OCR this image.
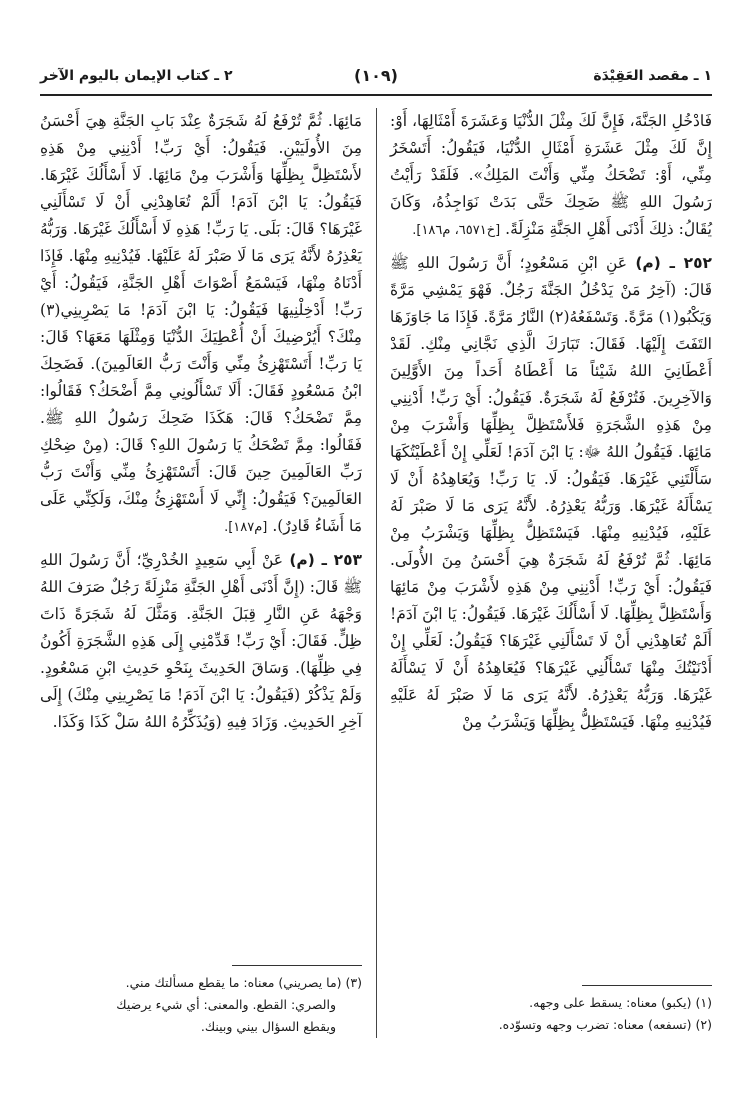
١ ـ مقصد العَقِيْدَة
(١٠٩)
٢ ـ كتاب الإيمان باليوم الآخر

فَادْخُلِ الجَنَّةَ، فَإِنَّ لَكَ مِثْلَ الدُّنْيَا وَعَشَرَةَ أَمْثَالِهَا، أَوْ: إِنَّ لَكَ مِثْلَ عَشَرَةِ أَمْثَالِ الدُّنْيَا، فَيَقُولُ: أَتَسْخَرُ مِنِّي، أَوْ: تَضْحَكُ مِنِّي وَأَنْتَ المَلِكُ». فَلَقَدْ رَأَيْتُ رَسُولَ اللهِ ﷺ ضَحِكَ حَتَّى بَدَتْ نَوَاجِذُهُ، وَكَانَ يُقَالُ: ذلِكَ أَدْنَى أَهْلِ الجَنَّةِ مَنْزِلَةً. [خ٦٥٧١، م١٨٦].

٢٥٢ ـ (م) عَنِ ابْنِ مَسْعُودٍ؛ أَنَّ رَسُولَ اللهِ ﷺ قَالَ: (آخِرُ مَنْ يَدْخُلُ الجَنَّةَ رَجُلٌ. فَهْوَ يَمْشِي مَرَّةً وَيَكْبُو(١) مَرَّةً. وَتَسْفَعُهُ(٢) النَّارُ مَرَّةً. فَإِذَا مَا جَاوَزَهَا التَفَتَ إِلَيْهَا. فَقَالَ: تَبَارَكَ الَّذِي نَجَّانِي مِنْكِ. لَقَدْ أَعْطَانِيَ اللهُ شَيْئاً مَا أَعْطَاهُ أَحَداً مِنَ الأَوَّلِينَ وَالآخِرِينَ. فَتُرْفَعُ لَهُ شَجَرَةٌ. فَيَقُولُ: أَيْ رَبِّ! أَدْنِنِي مِنْ هَذِهِ الشَّجَرَةِ فَلأَسْتَظِلَّ بِظِلِّهَا وَأَشْرَبَ مِنْ مَائِهَا. فَيَقُولُ اللهُ ﷻ: يَا ابْنَ آدَمَ! لَعَلِّي إِنْ أَعْطَيْتُكَهَا سَأَلْتَنِي غَيْرَهَا. فَيَقُولُ: لَا. يَا رَبِّ! وَيُعَاهِدُهُ أَنْ لَا يَسْأَلَهُ غَيْرَهَا. وَرَبُّهُ يَعْذِرُهُ. لأَنَّهُ يَرَى مَا لَا صَبْرَ لَهُ عَلَيْهِ، فَيُدْنِيهِ مِنْهَا. فَيَسْتَظِلُّ بِظِلِّهَا وَيَشْرَبُ مِنْ مَائِهَا. ثُمَّ تُرْفَعُ لَهُ شَجَرَةٌ هِيَ أَحْسَنُ مِنَ الأُولَى. فَيَقُولُ: أَيْ رَبِّ! أَدْنِنِي مِنْ هَذِهِ لأَشْرَبَ مِنْ مَائِهَا وَأَسْتَظِلَّ بِظِلِّهَا. لَا أَسْأَلُكَ غَيْرَهَا. فَيَقُولُ: يَا ابْنَ آدَمَ! أَلَمْ تُعَاهِدْنِي أَنْ لَا تَسْأَلَنِي غَيْرَهَا؟ فَيَقُولُ: لَعَلِّي إِنْ أَدْنَيْتُكَ مِنْهَا تَسْأَلُنِي غَيْرَهَا؟ فَيُعَاهِدُهُ أَنْ لَا يَسْأَلَهُ غَيْرَهَا. وَرَبُّهُ يَعْذِرُهُ. لأَنَّهُ يَرَى مَا لَا صَبْرَ لَهُ عَلَيْهِ فَيُدْنِيهِ مِنْهَا. فَيَسْتَظِلُّ بِظِلِّهَا وَيَشْرَبُ مِنْ

مَائِهَا. ثُمَّ تُرْفَعُ لَهُ شَجَرَةٌ عِنْدَ بَابِ الجَنَّةِ هِيَ أَحْسَنُ مِنَ الأُولَيَيْنِ. فَيَقُولُ: أَيْ رَبِّ! أَدْنِنِي مِنْ هَذِهِ لأَسْتَظِلَّ بِظِلِّهَا وَأَشْرَبَ مِنْ مَائِهَا. لَا أَسْأَلُكَ غَيْرَهَا. فَيَقُولُ: يَا ابْنَ آدَمَ! أَلَمْ تُعَاهِدْنِي أَنْ لَا تَسْأَلَنِي غَيْرَهَا؟ قَالَ: بَلَى. يَا رَبِّ! هَذِهِ لَا أَسْأَلُكَ غَيْرَهَا. وَرَبُّهُ يَعْذِرُهُ لأَنَّهُ يَرَى مَا لَا صَبْرَ لَهُ عَلَيْهَا. فَيُدْنِيهِ مِنْهَا. فَإِذَا أَدْنَاهُ مِنْهَا، فَيَسْمَعُ أَصْوَاتَ أَهْلِ الجَنَّةِ، فَيَقُولُ: أَيْ رَبِّ! أَدْخِلْنِيهَا فَيَقُولُ: يَا ابْنَ آدَمَ! مَا يَصْرِينِي(٣) مِنْكَ؟ أَيُرْضِيكَ أَنْ أُعْطِيَكَ الدُّنْيَا وَمِثْلَهَا مَعَهَا؟ قَالَ: يَا رَبِّ! أَتَسْتَهْزِئُ مِنِّي وَأَنْتَ رَبُّ العَالَمِينَ). فَضَحِكَ ابْنُ مَسْعُودٍ فَقَالَ: أَلَا تَسْأَلُونِي مِمَّ أَضْحَكُ؟ فَقَالُوا: مِمَّ تَضْحَكُ؟ قَالَ: هَكَذَا ضَحِكَ رَسُولُ اللهِ ﷺ. فَقَالُوا: مِمَّ تَضْحَكُ يَا رَسُولَ اللهِ؟ قَالَ: (مِنْ ضِحْكِ رَبِّ العَالَمِينَ حِينَ قَالَ: أَتَسْتَهْزِئُ مِنِّي وَأَنْتَ رَبُّ العَالَمِينَ؟ فَيَقُولُ: إِنِّي لَا أَسْتَهْزِئُ مِنْكَ، وَلَكِنِّي عَلَى مَا أَشَاءُ قَادِرٌ). [م١٨٧].

٢٥٣ ـ (م) عَنْ أَبِي سَعِيدٍ الخُدْرِيِّ؛ أَنَّ رَسُولَ اللهِ ﷺ قَالَ: (إِنَّ أَدْنَى أَهْلِ الجَنَّةِ مَنْزِلَةً رَجُلٌ صَرَفَ اللهُ وَجْهَهُ عَنِ النَّارِ قِبَلَ الجَنَّةِ. وَمَثَّلَ لَهُ شَجَرَةً ذَاتَ ظِلٍّ. فَقَالَ: أَيْ رَبِّ! قَدِّمْنِي إِلَى هَذِهِ الشَّجَرَةِ أَكُونُ فِي ظِلِّهَا). وَسَاقَ الحَدِيثَ بِنَحْوِ حَدِيثِ ابْنِ مَسْعُودٍ. وَلَمْ يَذْكُرْ (فَيَقُولُ: يَا ابْنَ آدَمَ! مَا يَصْرِينِي مِنْكَ) إِلَى آخِرِ الحَدِيثِ. وَزَادَ فِيهِ (وَيُذَكِّرُهُ اللهُ سَلْ كَذَا وَكَذَا.

(١) (يكبو) معناه: يسقط على وجهه.

(٢) (تسفعه) معناه: تضرب وجهه وتسوّده.

(٣) (ما يصريني) معناه: ما يقطع مسألتك مني.

والصري: القطع. والمعنى: أي شيء يرضيك

ويقطع السؤال بيني وبينك.
